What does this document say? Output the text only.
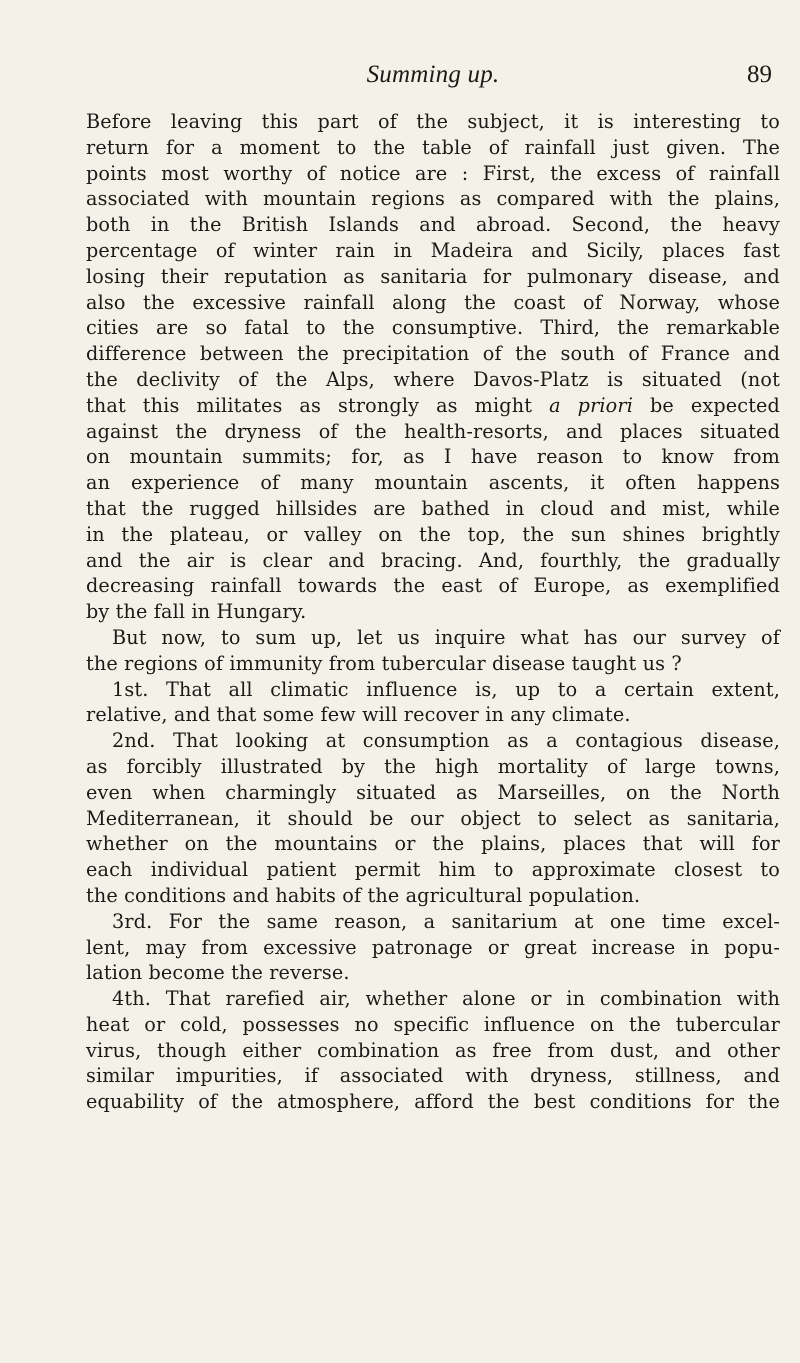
Summing up.	89
Before leaving this part of the subject, it is interesting to
return for a moment to the table of rainfall just given. The
points most worthy of notice are : First, the excess of rainfall
associated with mountain regions as compared with the plains,
both in the British Islands and abroad. Second, the heavy
percentage of winter rain in Madeira and Sicily, places fast
losing their reputation as sanitaria for pulmonary disease, and
also the excessive rainfall along the coast of Norway, whose
cities are so fatal to the consumptive. Third, the remarkable
difference between the precipitation of the south of France and
the declivity of the Alps, where Davos-Platz is situated (not
that this militates as strongly as might a priori be expected
against the dryness of the health-resorts, and places situated
on mountain summits; for, as I have reason to know from
an experience of many mountain ascents, it often happens
that the rugged hillsides are bathed in cloud and mist, while
in the plateau, or valley on the top, the sun shines brightly
and the air is clear and bracing. And, fourthly, the gradually
decreasing rainfall towards the east of Europe, as exemplified
by the fall in Hungary.
But now, to sum up, let us inquire what has our survey of
the regions of immunity from tubercular disease taught us ?
1st. That all climatic influence is, up to a certain extent,
relative, and that some few will recover in any climate.
2nd. That looking at consumption as a contagious disease,
as forcibly illustrated by the high mortality of large towns,
even when charmingly situated as Marseilles, on the North
Mediterranean, it should be our object to select as sanitaria,
whether on the mountains or the plains, places that will for
each individual patient permit him to approximate closest to
the conditions and habits of the agricultural population.
3rd. For the same reason, a sanitarium at one time excel-
lent, may from excessive patronage or great increase in popu-
lation become the reverse.
4th. That rarefied air, whether alone or in combination with
heat or cold, possesses no specific influence on the tubercular
virus, though either combination as free from dust, and other
similar impurities, if associated with dryness, stillness, and
equability of the atmosphere, afford the best conditions for the
